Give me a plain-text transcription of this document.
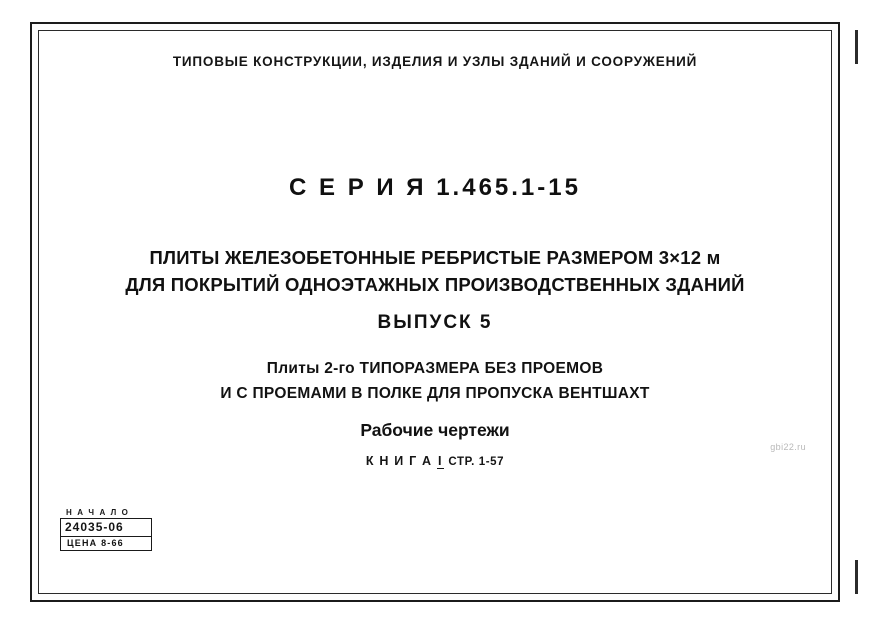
ТИПОВЫЕ КОНСТРУКЦИИ, ИЗДЕЛИЯ И УЗЛЫ ЗДАНИЙ И СООРУЖЕНИЙ
С Е Р И Я 1.465.1-15
ПЛИТЫ ЖЕЛЕЗОБЕТОННЫЕ РЕБРИСТЫЕ РАЗМЕРОМ 3×12 м
ДЛЯ ПОКРЫТИЙ ОДНОЭТАЖНЫХ ПРОИЗВОДСТВЕННЫХ ЗДАНИЙ
ВЫПУСК 5
Плиты 2-го ТИПОРАЗМЕРА БЕЗ ПРОЕМОВ
И С ПРОЕМАМИ В ПОЛКЕ ДЛЯ ПРОПУСКА ВЕНТШАХТ
Рабочие чертежи
К Н И Г А I СТР. 1-57
Н А Ч А Л О
24035-06
ЦЕНА 8-66
gbi22.ru
